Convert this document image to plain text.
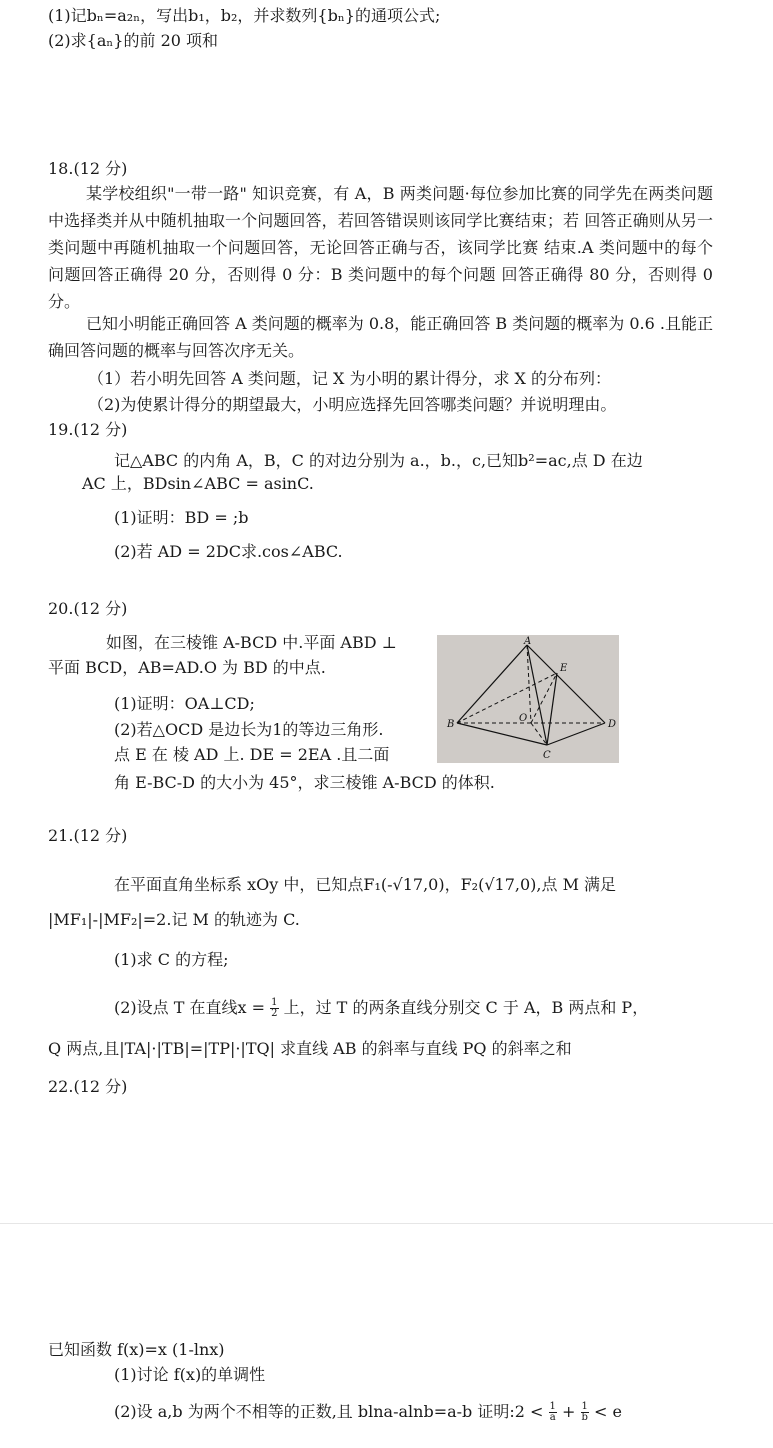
(1)记bₙ=a₂ₙ，写出b₁，b₂，并求数列{bₙ}的通项公式;
(2)求{aₙ}的前 20 项和
18.(12 分)
某学校组织"一带一路" 知识竞赛，有 A，B 两类问题·每位参加比赛的同学先在两类问题中选择类并从中随机抽取一个问题回答，若回答错误则该同学比赛结束；若 回答正确则从另一类问题中再随机抽取一个问题回答，无论回答正确与否，该同学比赛 结束.A 类问题中的每个问题回答正确得 20 分，否则得 0 分：B 类问题中的每个问题 回答正确得 80 分，否则得 0 分。
已知小明能正确回答 A 类问题的概率为 0.8，能正确回答 B 类问题的概率为 0.6 .且能正确回答问题的概率与回答次序无关。
（1）若小明先回答 A 类问题，记 X 为小明的累计得分，求 X 的分布列：
（2)为使累计得分的期望最大，小明应选择先回答哪类问题？并说明理由。
19.(12 分)
记△ABC 的内角 A，B，C 的对边分别为 a.，b.，c,已知b²=ac,点 D 在边
AC 上，BDsin∠ABC = asinC.
(1)证明：BD = ;b
(2)若 AD = 2DC求.cos∠ABC.
20.(12 分)
如图，在三棱锥 A-BCD 中.平面 ABD ⊥
平面 BCD，AB=AD.O 为 BD 的中点.
(1)证明：OA⊥CD;
(2)若△OCD 是边长为1的等边三角形.
点 E 在 棱 AD 上. DE = 2EA .且二面
角 E-BC-D 的大小为 45°，求三棱锥 A-BCD 的体积.
A
E
B
O
D
C
21.(12 分)
在平面直角坐标系 xOy 中，已知点F₁(-√17,0)，F₂(√17,0),点 M 满足
|MF₁|-|MF₂|=2.记 M 的轨迹为 C.
(1)求 C 的方程;
(2)设点 T 在直线$x = \frac{1}{2}$ 上，过 T 的两条直线分别交 C 于 A，B 两点和 P，
Q 两点,且|TA|·|TB|=|TP|·|TQ| 求直线 AB 的斜率与直线 PQ 的斜率之和
22.(12 分)
已知函数 f(x)=x (1-lnx)
(1)讨论 f(x)的单调性
(2)设 a,b 为两个不相等的正数,且 blna-alnb=a-b 证明:2 < $\frac{1}{a} + \frac{1}{b} < e$
